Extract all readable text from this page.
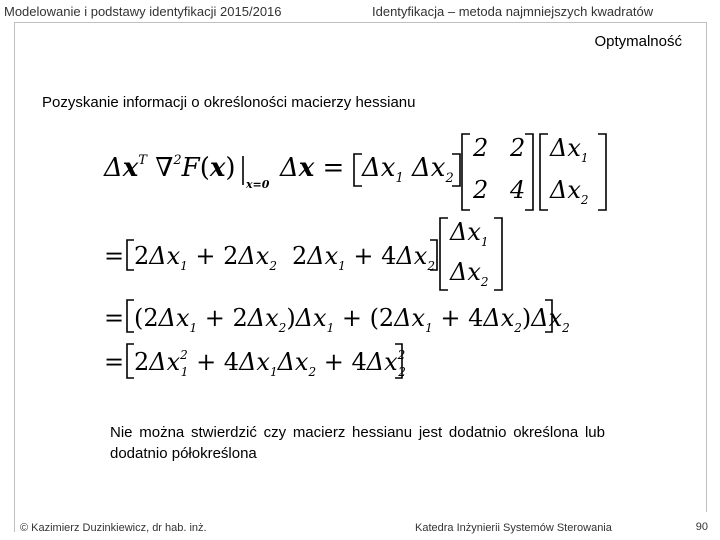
Modelowanie i podstawy identyfikacji 2015/2016	Identyfikacja – metoda najmniejszych kwadratów
Optymalność
Pozyskanie informacji o określoności macierzy hessianu
$\Delta x^T$ ∇$^2$F(x)
x=0
$\Delta x = \Delta x_1$ $\Delta x_2$
2 2
2 4
$\Delta x_1$
$\Delta x_2$
= $2\Delta x_1 + 2\Delta x_2$ $2\Delta x_1 + 4\Delta x_2$
$\Delta x_1$
$\Delta x_2$
= $(2\Delta x_1 + 2\Delta x_2)\Delta x_1 + (2\Delta x_1 + 4\Delta x_2)\Delta x_2$
= $2\Delta x^2$ $1 + 4\Delta x_1\Delta x_2 + 4\Delta x^2$ 2
Nie można stwierdzić czy macierz hessianu jest dodatnio określona lub dodatnio półokreślona
© Kazimierz Duzinkiewicz, dr hab. inż.	Katedra Inżynierii Systemów Sterowania	90
